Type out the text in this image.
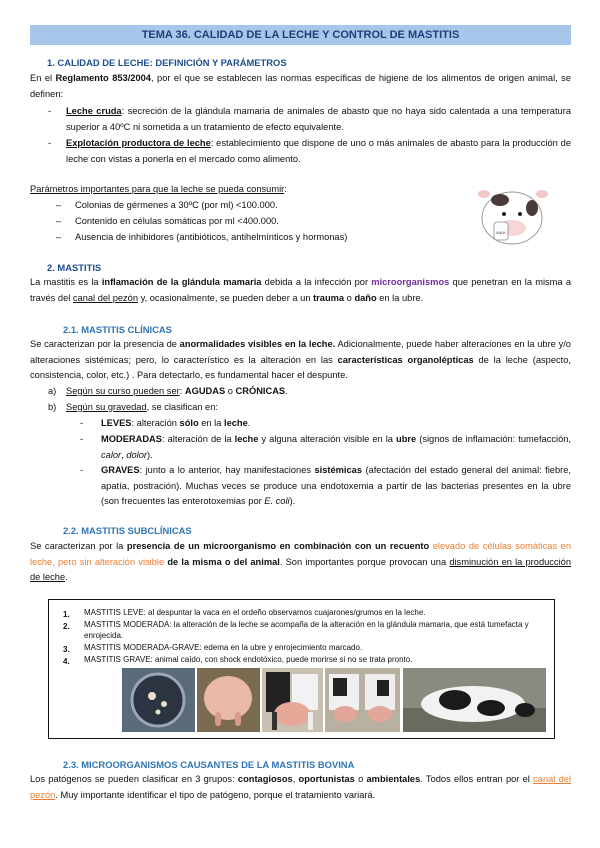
TEMA 36. CALIDAD DE LA LECHE Y CONTROL DE MASTITIS
1. CALIDAD DE LECHE: DEFINICIÓN Y PARÁMETROS
En el Reglamento 853/2004, por el que se establecen las normas específicas de higiene de los alimentos de origen animal, se definen:
-	Leche cruda: secreción de la glándula mamaria de animales de abasto que no haya sido calentada a una temperatura superior a 40ºC ni sometida a un tratamiento de efecto equivalente.
-	Explotación productora de leche: establecimiento que dispone de uno o más animales de abasto para la producción de leche con vistas a ponerla en el mercado como alimento.
Parámetros importantes para que la leche se pueda consumir:
–	Colonias de gérmenes a 30ºC (por ml) <100.000.
–	Contenido en células somáticas por ml <400.000.
–	Ausencia de inhibidores (antibióticos, antihelmínticos y hormonas)	MILK
2. MASTITIS
La mastitis es la inflamación de la glándula mamaria debida a la infección por microorganismos que penetran en la misma a través del canal del pezón y, ocasionalmente, se pueden deber a un trauma o daño en la ubre.
2.1. MASTITIS CLÍNICAS
Se caracterizan por la presencia de anormalidades visibles en la leche. Adicionalmente, puede haber alteraciones en la ubre y/o alteraciones sistémicas; pero, lo característico es la alteración en las características organolépticas de la leche (aspecto, consistencia, color, etc.) . Para detectarlo, es fundamental hacer el despunte.
a) Según su curso pueden ser: AGUDAS o CRÓNICAS.
b) Según su gravedad, se clasifican en:
-	LEVES: alteración sólo en la leche.
-	MODERADAS: alteración de la leche y alguna alteración visible en la ubre (signos de inflamación: tumefacción, calor, dolor).
-	GRAVES: junto a lo anterior, hay manifestaciones sistémicas (afectación del estado general del animal: fiebre, apatía, postración). Muchas veces se produce una endotoxemia a partir de las bacterias presentes en la ubre (son frecuentes las enterotoxemias por E. coli).
2.2. MASTITIS SUBCLÍNICAS
Se caracterizan por la presencia de un microorganismo en combinación con un recuento elevado de células somáticas en leche, pero sin alteración visible de la misma o del animal. Son importantes porque provocan una disminución en la producción de leche.
1.	MASTITIS LEVE: al despuntar la vaca en el ordeño observamos cuajarones/grumos en la leche.
2.	MASTITIS MODERADA: la alteración de la leche se acompaña de la alteración en la glándula mamaria, que está tumefacta y enrojecida.
3.	MASTITIS MODERADA-GRAVE: edema en la ubre y enrojecimiento marcado.
4.	MASTITIS GRAVE: animal caído, con shock endotóxico, puede morirse si no se trata pronto.
2.3. MICROORGANISMOS CAUSANTES DE LA MASTITIS BOVINA
Los patógenos se pueden clasificar en 3 grupos: contagiosos, oportunistas o ambientales. Todos ellos entran por el canal del pezón. Muy importante identificar el tipo de patógeno, porque el tratamiento variará.
